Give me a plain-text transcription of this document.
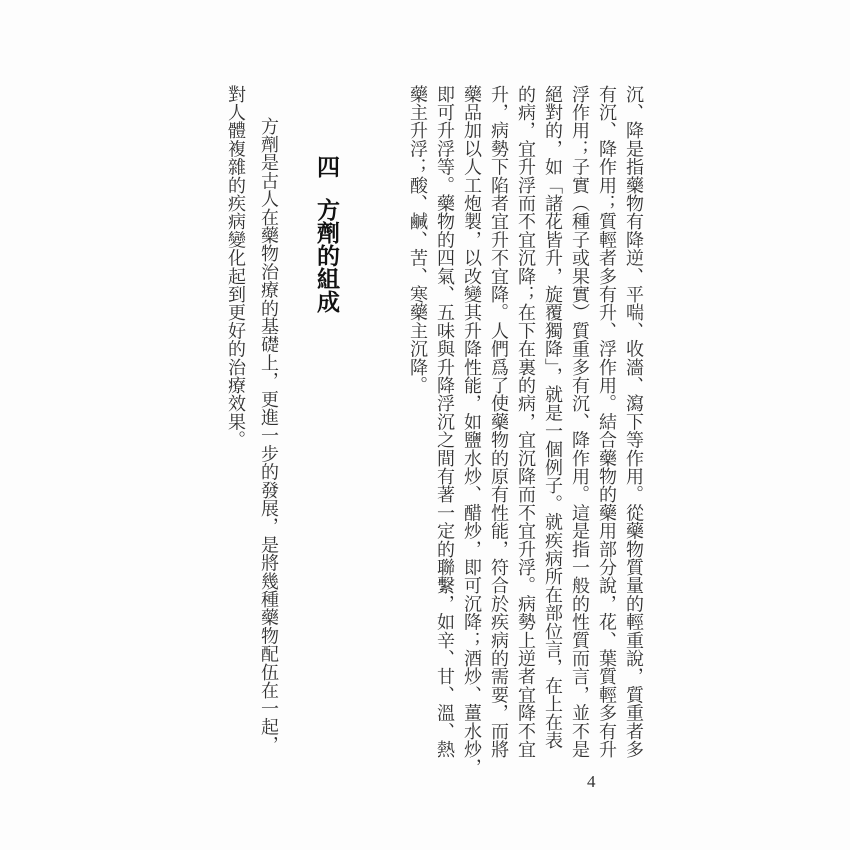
沉、降是指藥物有降逆、平喘、收濇、瀉下等作用。從藥物質量的輕重說，質重者多
有沉、降作用；質輕者多有升、浮作用。結合藥物的藥用部分說，花、葉質輕多有升
浮作用；子實（種子或果實）質重多有沉、降作用。這是指一般的性質而言，並不是
絕對的，如「諸花皆升，旋覆獨降」，就是一個例子。就疾病所在部位言，在上在表
的病，宜升浮而不宜沉降；在下在裏的病，宜沉降而不宜升浮。病勢上逆者宜降不宜
升，病勢下陷者宜升不宜降。人們爲了使藥物的原有性能，符合於疾病的需要，而將
藥品加以人工炮製，以改變其升降性能，如鹽水炒、醋炒，即可沉降；酒炒、薑水炒，
即可升浮等。藥物的四氣、五味與升降浮沉之間有著一定的聯繫，如辛、甘、溫、熱
藥主升浮；酸、鹹、苦、寒藥主沉降。
四方劑的組成
方劑是古人在藥物治療的基礎上，更進一步的發展，是將幾種藥物配伍在一起，
對人體複雜的疾病變化起到更好的治療效果。
4
